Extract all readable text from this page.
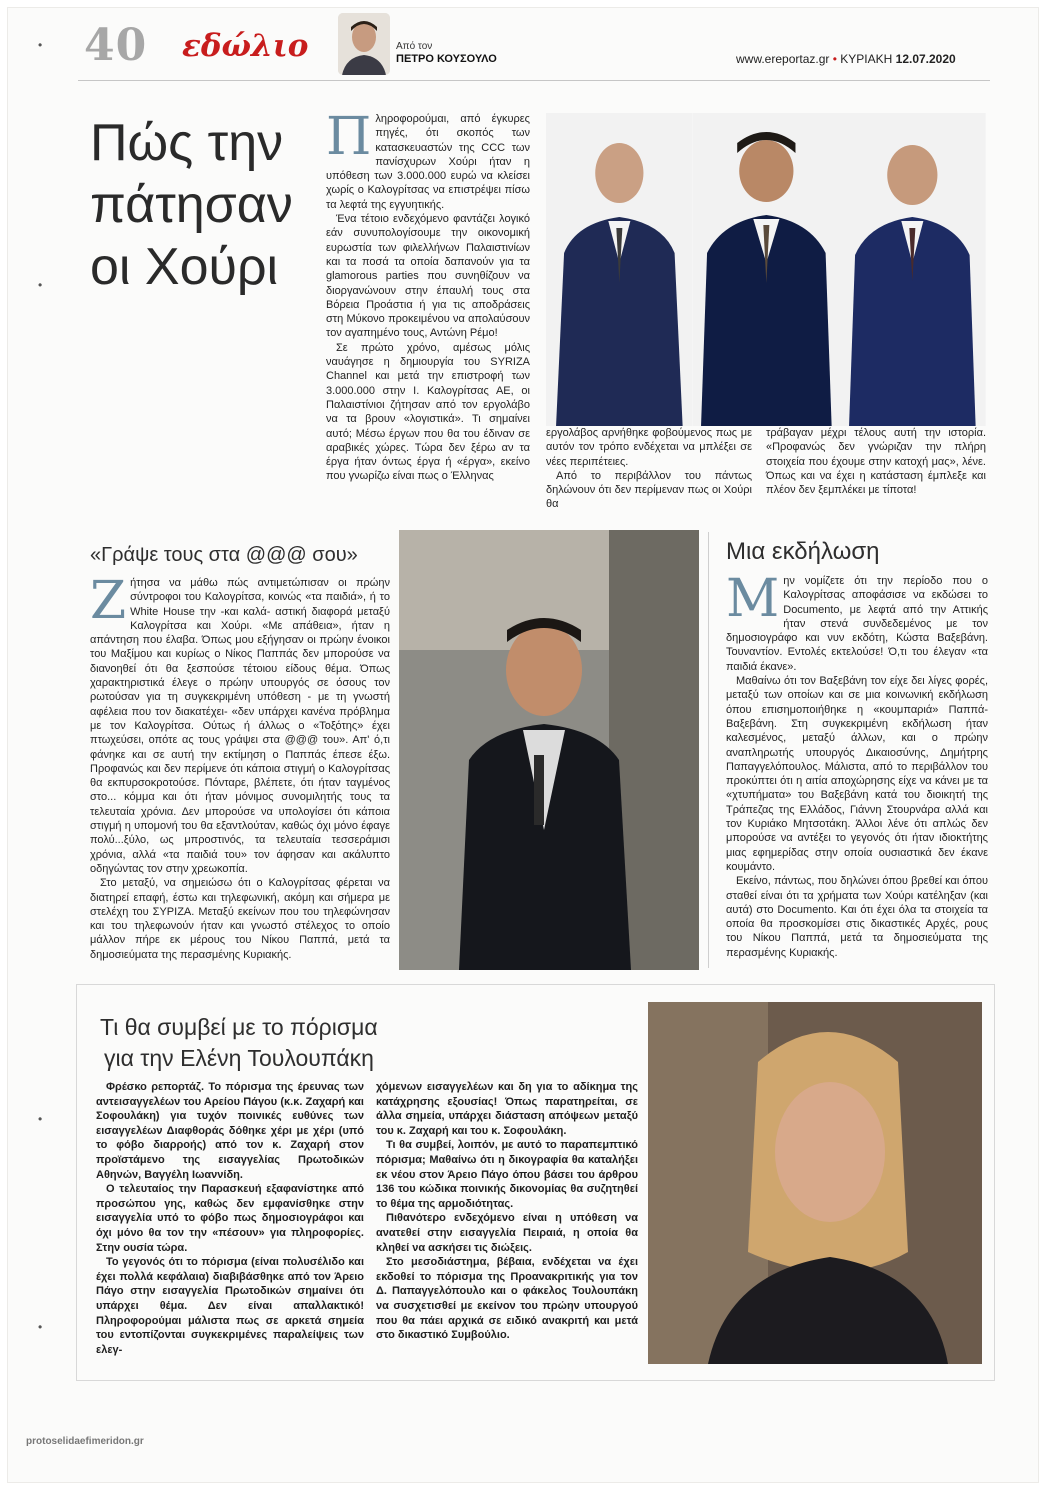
•
•
•
•
40 εδώλιο	Από τον
ΠΕΤΡΟ ΚΟΥΣΟΥΛΟ	www.ereportaz.gr • ΚΥΡΙΑΚΗ 12.07.2020
Πώς την πάτησαν οι Χούρι
Π ληροφορούμαι, από έγκυρες πηγές, ότι σκοπός των κατασκευαστών της CCC των πανίσχυρων Χούρι ήταν η υπόθεση των 3.000.000 ευρώ να κλείσει χωρίς ο Καλογρίτσας να επιστρέψει πίσω τα λεφτά της εγγυητικής.

Ένα τέτοιο ενδεχόμενο φαντάζει λογικό εάν συνυπολογίσουμε την οικονομική ευρωστία των φιλελλήνων Παλαιστινίων και τα ποσά τα οποία δαπανούν για τα glamorous parties που συνηθίζουν να διοργανώνουν στην έπαυλή τους στα Βόρεια Προάστια ή για τις αποδράσεις στη Μύκονο προκειμένου να απολαύσουν τον αγαπημένο τους, Αντώνη Ρέμο!

Σε πρώτο χρόνο, αμέσως μόλις ναυάγησε η δημιουργία του SYRIZA Channel και μετά την επιστροφή των 3.000.000 στην Ι. Καλογρίτσας ΑΕ, οι Παλαιστίνιοι ζήτησαν από τον εργολάβο να τα βρουν «λογιστικά». Τι σημαίνει αυτό; Μέσω έργων που θα του έδιναν σε αραβικές χώρες. Τώρα δεν ξέρω αν τα έργα ήταν όντως έργα ή «έργα», εκείνο που γνωρίζω είναι πως ο Έλληνας

εργολάβος αρνήθηκε φοβούμενος πως με αυτόν τον τρόπο ενδέχεται να μπλέξει σε νέες περιπέτειες.

Από το περιβάλλον του πάντως δηλώνουν ότι δεν περίμεναν πως οι Χούρι θα

τράβαγαν μέχρι τέλους αυτή την ιστορία. «Προφανώς δεν γνώριζαν την πλήρη στοιχεία που έχουμε στην κατοχή μας», λένε. Όπως και να έχει η κατάσταση έμπλεξε και πλέον δεν ξεμπλέκει με τίποτα!
«Γράψε τους στα @@@ σου»
Ζ ήτησα να μάθω πώς αντιμετώπισαν οι πρώην σύντροφοι του Καλογρίτσα, κοινώς «τα παιδιά», ή το White House την -και καλά- αστική διαφορά μεταξύ Καλογρίτσα και Χούρι. «Με απάθεια», ήταν η απάντηση που έλαβα. Όπως μου εξήγησαν οι πρώην ένοικοι του Μαξίμου και κυρίως ο Νίκος Παππάς δεν μπορούσε να διανοηθεί ότι θα ξεσπούσε τέτοιου είδους θέμα. Όπως χαρακτηριστικά έλεγε ο πρώην υπουργός σε όσους τον ρωτούσαν για τη συγκεκριμένη υπόθεση - με τη γνωστή αφέλεια που τον διακατέχει- «δεν υπάρχει κανένα πρόβλημα με τον Καλογρίτσα. Ούτως ή άλλως ο «Τοξότης» έχει πτωχεύσει, οπότε ας τους γράψει στα @@@ του». Απ' ό,τι φάνηκε και σε αυτή την εκτίμηση ο Παππάς έπεσε έξω. Προφανώς και δεν περίμενε ότι κάποια στιγμή ο Καλογρίτσας θα εκπυρσοκροτούσε. Πόνταρε, βλέπετε, ότι ήταν ταγμένος στο... κόμμα και ότι ήταν μόνιμος συνομιλητής τους τα τελευταία χρόνια. Δεν μπορούσε να υπολογίσει ότι κάποια στιγμή η υπομονή του θα εξαντλούταν, καθώς όχι μόνο έφαγε πολύ...ξύλο, ως μπροστινός, τα τελευταία τεσσεράμισι χρόνια, αλλά «τα παιδιά του» τον άφησαν και ακάλυπτο οδηγώντας τον στην χρεωκοπία.

Στο μεταξύ, να σημειώσω ότι ο Καλογρίτσας φέρεται να διατηρεί επαφή, έστω και τηλεφωνική, ακόμη και σήμερα με στελέχη του ΣΥΡΙΖΑ. Μεταξύ εκείνων που του τηλεφώνησαν και του τηλεφωνούν ήταν και γνωστό στέλεχος το οποίο μάλλον πήρε εκ μέρους του Νίκου Παππά, μετά τα δημοσιεύματα της περασμένης Κυριακής.

Μια εκδήλωση
Μ ην νομίζετε ότι την περίοδο που ο Καλογρίτσας αποφάσισε να εκδώσει το Documento, με λεφτά από την Αττικής ήταν στενά συνδεδεμένος με τον δημοσιογράφο και νυν εκδότη, Κώστα Βαξεβάνη. Τουναντίον. Εντολές εκτελούσε! Ό,τι του έλεγαν «τα παιδιά έκανε».

Μαθαίνω ότι τον Βαξεβάνη τον είχε δει λίγες φορές, μεταξύ των οποίων και σε μια κοινωνική εκδήλωση όπου επισημοποιήθηκε η «κουμπαριά» Παππά-Βαξεβάνη. Στη συγκεκριμένη εκδήλωση ήταν καλεσμένος, μεταξύ άλλων, και ο πρώην αναπληρωτής υπουργός Δικαιοσύνης, Δημήτρης Παπαγγελόπουλος. Μάλιστα, από το περιβάλλον του προκύπτει ότι η αιτία αποχώρησης είχε να κάνει με τα «χτυπήματα» του Βαξεβάνη κατά του διοικητή της Τράπεζας της Ελλάδος, Γιάννη Στουρνάρα αλλά και τον Κυριάκο Μητσοτάκη. Άλλοι λένε ότι απλώς δεν μπορούσε να αντέξει το γεγονός ότι ήταν ιδιοκτήτης μιας εφημερίδας στην οποία ουσιαστικά δεν έκανε κουμάντο.

Εκείνο, πάντως, που δηλώνει όπου βρεθεί και όπου σταθεί είναι ότι τα χρήματα των Χούρι κατέληξαν (και αυτά) στο Documento. Και ότι έχει όλα τα στοιχεία τα οποία θα προσκομίσει στις δικαστικές Αρχές, ρους του Νίκου Παππά, μετά τα δημοσιεύματα της περασμένης Κυριακής.

Τι θα συμβεί με το πόρισμα
για την Ελένη Τουλουπάκη

Φρέσκο ρεπορτάζ. Το πόρισμα της έρευνας των αντεισαγγελέων του Αρείου Πάγου (κ.κ. Ζαχαρή και Σοφουλάκη) για τυχόν ποινικές ευθύνες των εισαγγελέων Διαφθοράς δόθηκε χέρι με χέρι (υπό το φόβο διαρροής) από τον κ. Ζαχαρή στον προϊστάμενο της εισαγγελίας Πρωτοδικών Αθηνών, Βαγγέλη Ιωαννίδη.

Ο τελευταίος την Παρασκευή εξαφανίστηκε από προσώπου γης, καθώς δεν εμφανίσθηκε στην εισαγγελία υπό το φόβο πως δημοσιογράφοι και όχι μόνο θα τον την «πέσουν» για πληροφορίες. Στην ουσία τώρα.

Το γεγονός ότι το πόρισμα (είναι πολυσέλιδο και έχει πολλά κεφάλαια) διαβιβάσθηκε από τον Άρειο Πάγο στην εισαγγελία Πρωτοδικών σημαίνει ότι υπάρχει θέμα. Δεν είναι απαλλακτικό! Πληροφορούμαι μάλιστα πως σε αρκετά σημεία του εντοπίζονται συγκεκριμένες παραλείψεις των ελεγ-

χόμενων εισαγγελέων και δη για το αδίκημα της κατάχρησης εξουσίας! Όπως παρατηρείται, σε άλλα σημεία, υπάρχει διάσταση απόψεων μεταξύ του κ. Ζαχαρή και του κ. Σοφουλάκη.

Τι θα συμβεί, λοιπόν, με αυτό το παραπεμπτικό πόρισμα; Μαθαίνω ότι η δικογραφία θα καταλήξει εκ νέου στον Άρειο Πάγο όπου βάσει του άρθρου 136 του κώδικα ποινικής δικονομίας θα συζητηθεί το θέμα της αρμοδιότητας.

Πιθανότερο ενδεχόμενο είναι η υπόθεση να ανατεθεί στην εισαγγελία Πειραιά, η οποία θα κληθεί να ασκήσει τις διώξεις.

Στο μεσοδιάστημα, βέβαια, ενδέχεται να έχει εκδοθεί το πόρισμα της Προανακριτικής για τον Δ. Παπαγγελόπουλο και ο φάκελος Τουλουπάκη να συσχετισθεί με εκείνον του πρώην υπουργού που θα πάει αρχικά σε ειδικό ανακριτή και μετά στο δικαστικό Συμβούλιο.

protoselidaefimeridon.gr
